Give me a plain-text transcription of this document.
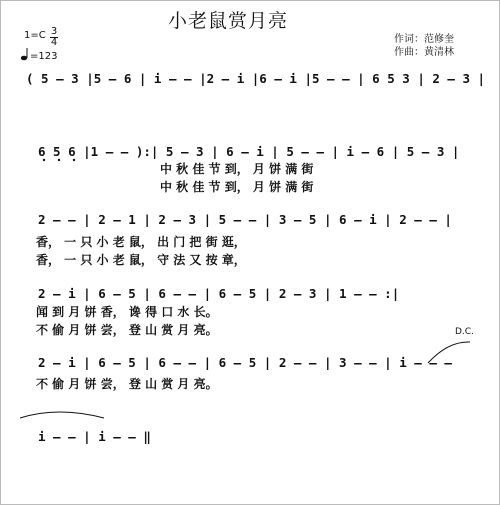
小老鼠赏月亮
1=C 3
4
=123
作词：范修奎
作曲：黄清林
( 5 – 3 |5 – 6 | i – – |2 – i |6 – i |5 – – | 6 5 3 | 2 – 3 |
6 5 6 |1 – – ):| 5 – 3 | 6 – i | 5 – – | i – 6 | 5 – 3 |
中 秋 佳 节 到， 月 饼 满 街
中 秋 佳 节 到， 月 饼 满 街
2 – – | 2 – 1 | 2 – 3 | 5 – – | 3 – 5 | 6 – i | 2 – – |
香， 一 只 小 老 鼠， 出 门 把 街 逛，
香， 一 只 小 老 鼠， 守 法 又 按 章，
2 – i | 6 – 5 | 6 – – | 6 – 5 | 2 – 3 | 1 – – :|
闻 到 月 饼 香， 谗 得 口 水 长。
不 偷 月 饼 尝， 登 山 赏 月 亮。	D.C.
2 – i | 6 – 5 | 6 – – | 6 – 5 | 2 – – | 3 – – | i – – –
不 偷 月 饼 尝， 登 山 赏 月 亮。
i – – | i – – ‖
